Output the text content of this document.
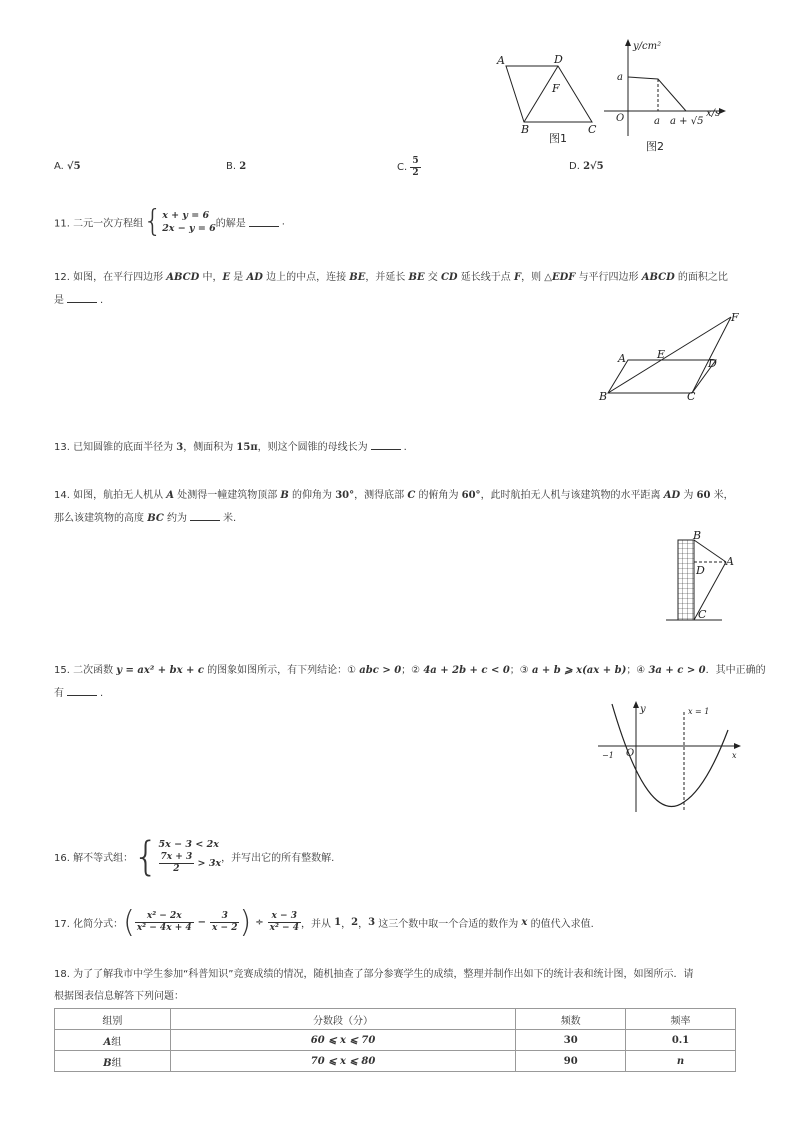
A	D
F
B	C
图1
y/cm²
x/s
a
O	a a + √5
图2
A. √5	B. 2	C. $\frac{5}{2}$	D. 2√5
11. 二元一次方程组{x + y = 6
2x − y = 6的解是	.
12. 如图，在平行四边形 ABCD 中，E 是 AD 边上的中点，连接 BE，并延长 BE 交 CD 延长线于点 F，则 △EDF 与平行四边形 ABCD 的面积之比
是	.
A	E
D
F
B	C
13. 已知圆锥的底面半径为 3，侧面积为 15π，则这个圆锥的母线长为	.
14. 如图，航拍无人机从 A 处测得一幢建筑物顶部 B 的仰角为 30°，测得底部 C 的俯角为 60°，此时航拍无人机与该建筑物的水平距离 AD 为 60 米，
那么该建筑物的高度 BC 约为	米.
B
A
D
C
15. 二次函数 y = ax² + bx + c 的图象如图所示，有下列结论：① abc > 0；② 4a + 2b + c < 0；③ a + b ⩾ x(ax + b)；④ 3a + c > 0．其中正确的
有	.
y
x
O
−1
x = 1
16. 解不等式组：{5x − 3 < 2x

$\frac{7x + 3}{2} > 3x$，并写出它的所有整数解.
17. 化简分式：( $\frac{\text{x² − 2x}}{\text{x² − 4x + 4}} - \frac{3}{x - 2}$ ) ÷ $\frac{x - 3}{\text{x² − 4}}$ ，并从 1，2，3 这三个数中取一个合适的数作为 x 的值代入求值.
18. 为了了解我市中学生参加“科普知识”竞赛成绩的情况，随机抽查了部分参赛学生的成绩，整理并制作出如下的统计表和统计图，如图所示．请
根据图表信息解答下列问题：
组别	分数段（分）	频数	频率
A组	60 ⩽ x ⩽ 70	30	0.1
B组	70 ⩽ x ⩽ 80	90	n
